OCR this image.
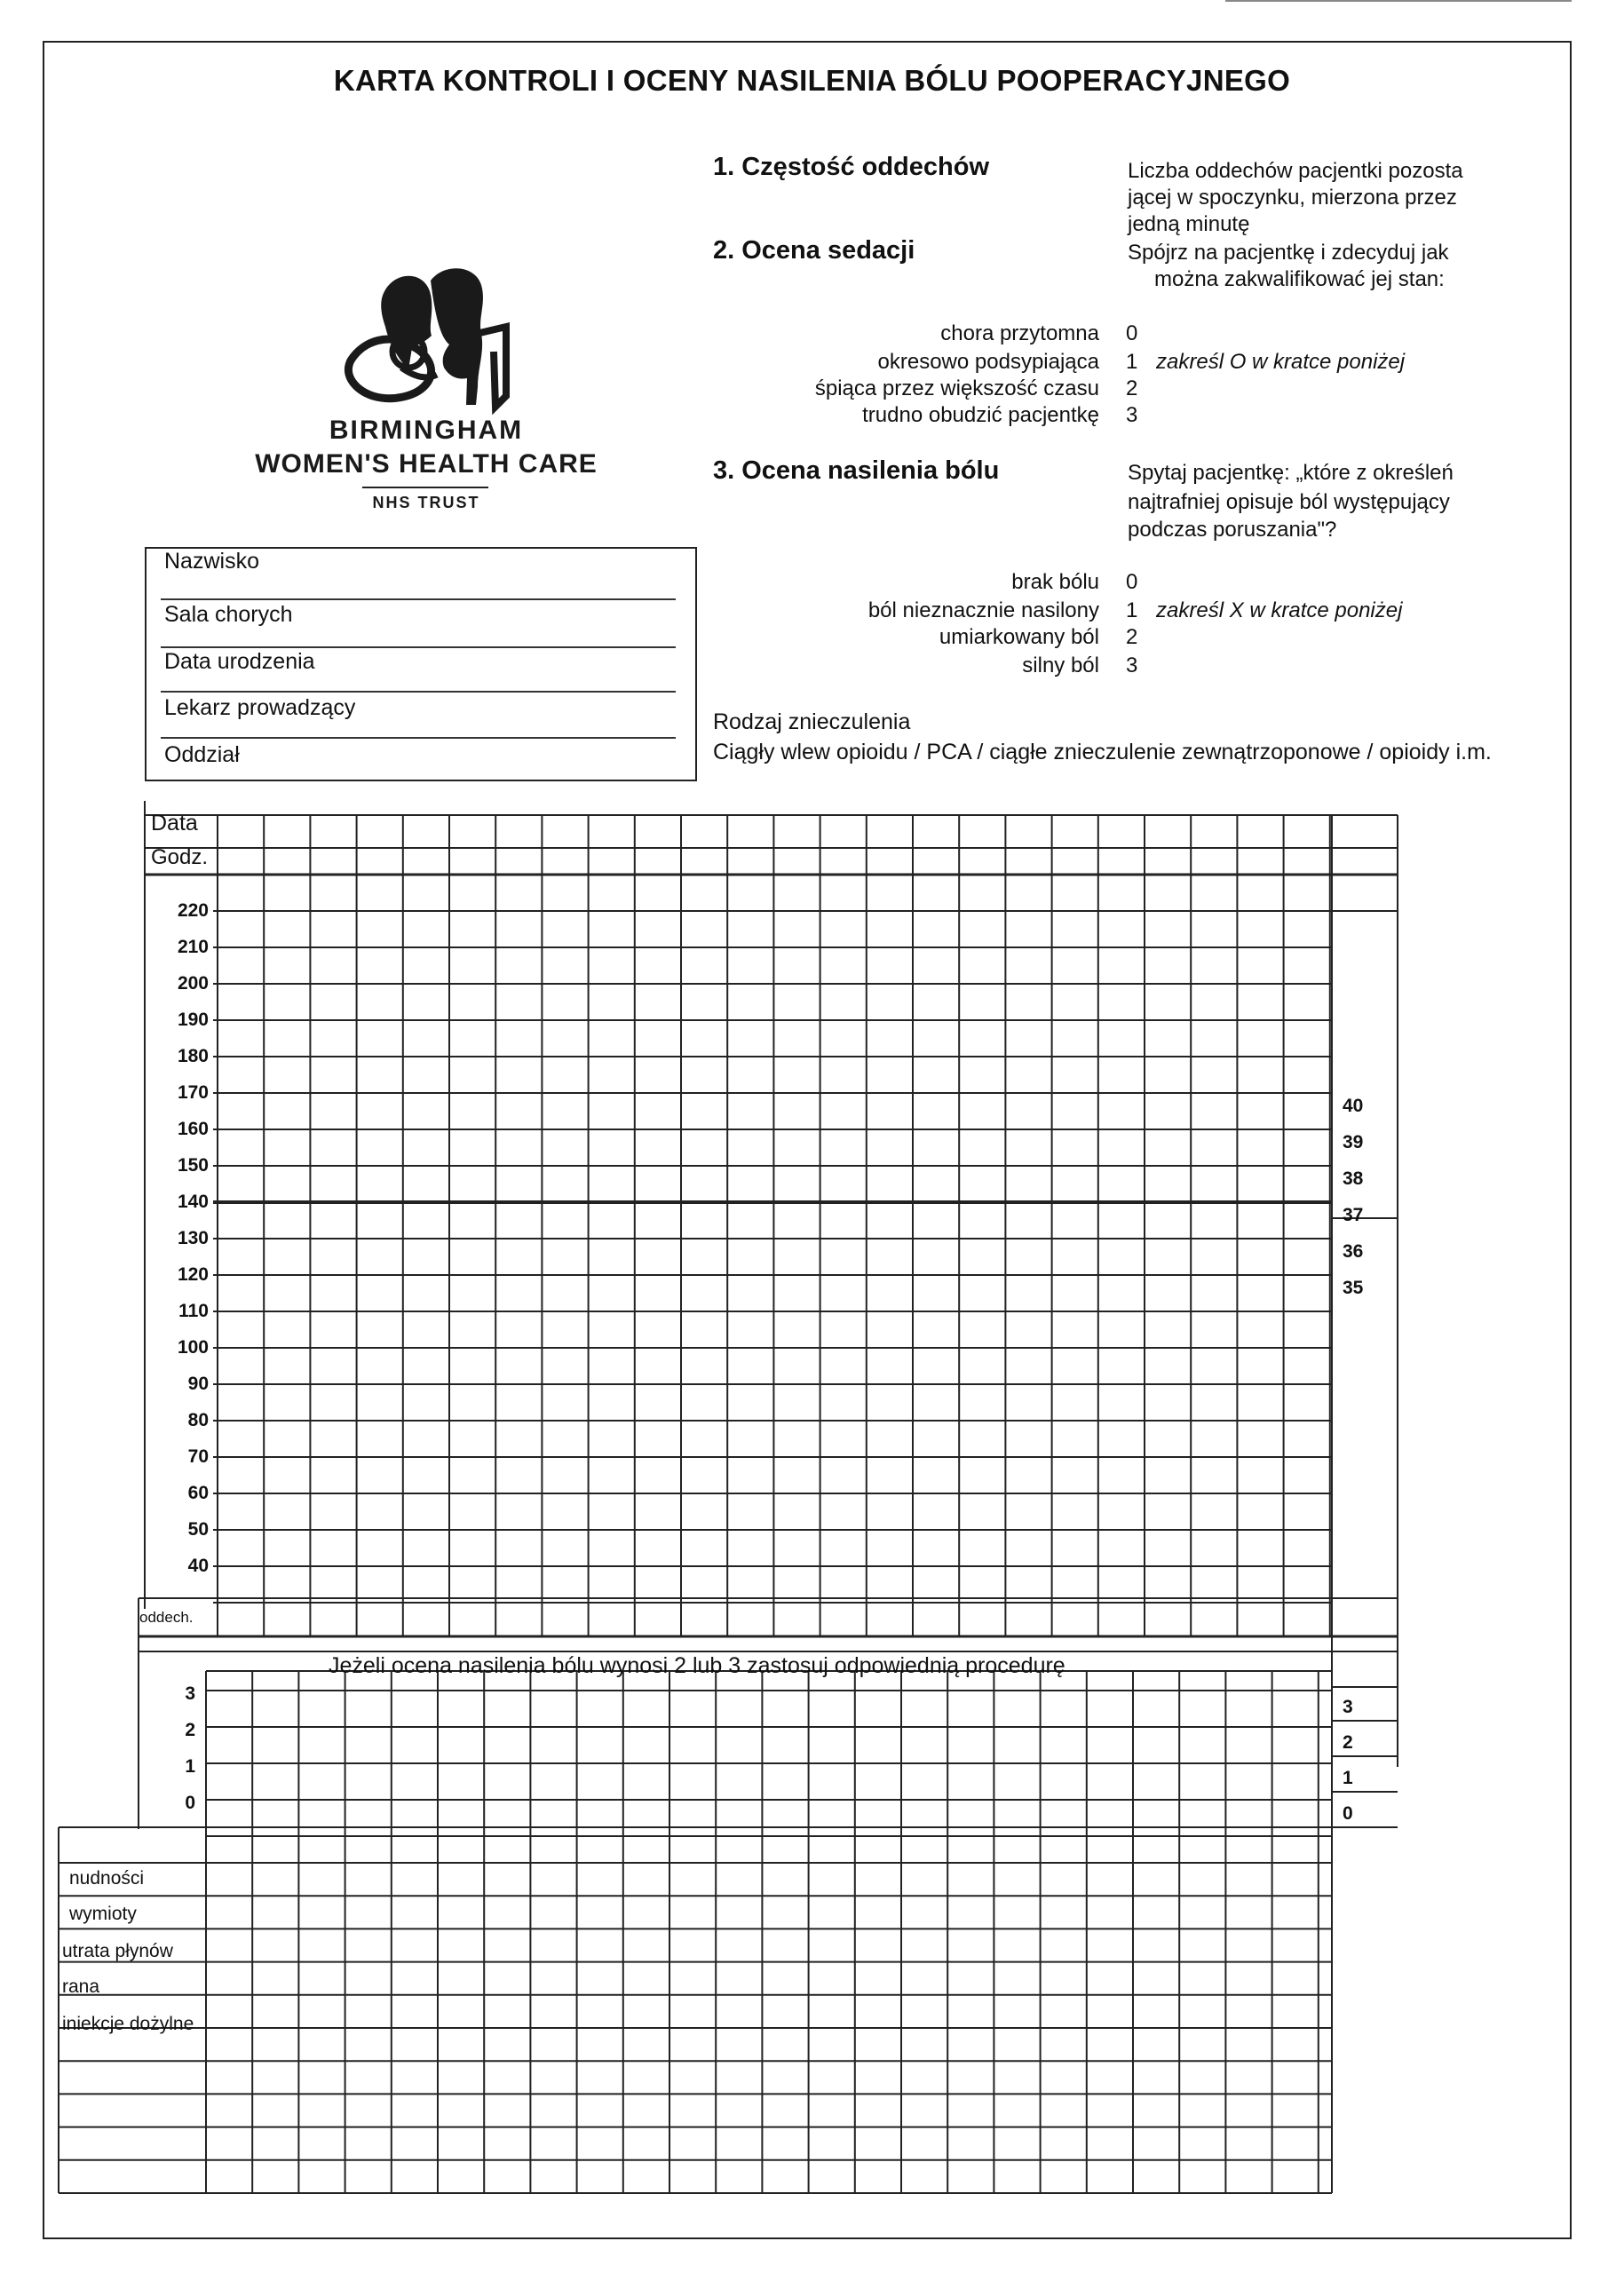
KARTA KONTROLI I OCENY NASILENIA BÓLU POOPERACYJNEGO
BIRMINGHAM
WOMEN'S HEALTH CARE
NHS TRUST
1. Częstość oddechów	Liczba oddechów pacjentki pozosta
jącej w spoczynku, mierzona przez
jedną minutę
2. Ocena sedacji	Spójrz na pacjentkę i zdecyduj jak
można zakwalifikować jej stan:
chora przytomna 0
okresowo podsypiająca 1 zakreśl O w kratce poniżej
śpiąca przez większość czasu 2
trudno obudzić pacjentkę 3
3. Ocena nasilenia bólu	Spytaj pacjentkę: „które z określeń
najtrafniej opisuje ból występujący
podczas poruszania"?
brak bólu 0
ból nieznacznie nasilony 1 zakreśl X w kratce poniżej
umiarkowany ból 2
silny ból 3
Rodzaj znieczulenia
Ciągły wlew opioidu / PCA / ciągłe znieczulenie zewnątrzoponowe / opioidy i.m.
Nazwisko
Sala chorych
Data urodzenia
Lekarz prowadzący
Oddział
Data
Godz.
220
210
200
190
180
170
160
150
140
130
120
110
100
90
80
70
60
50
40
40
39
38
37
36
35
oddech.
Jeżeli ocena nasilenia bólu wynosi 2 lub 3 zastosuj odpowiednią procedurę
3
2
1
0
3
2
1
0
nudności
wymioty
utrata płynów
rana
iniekcje dożylne
